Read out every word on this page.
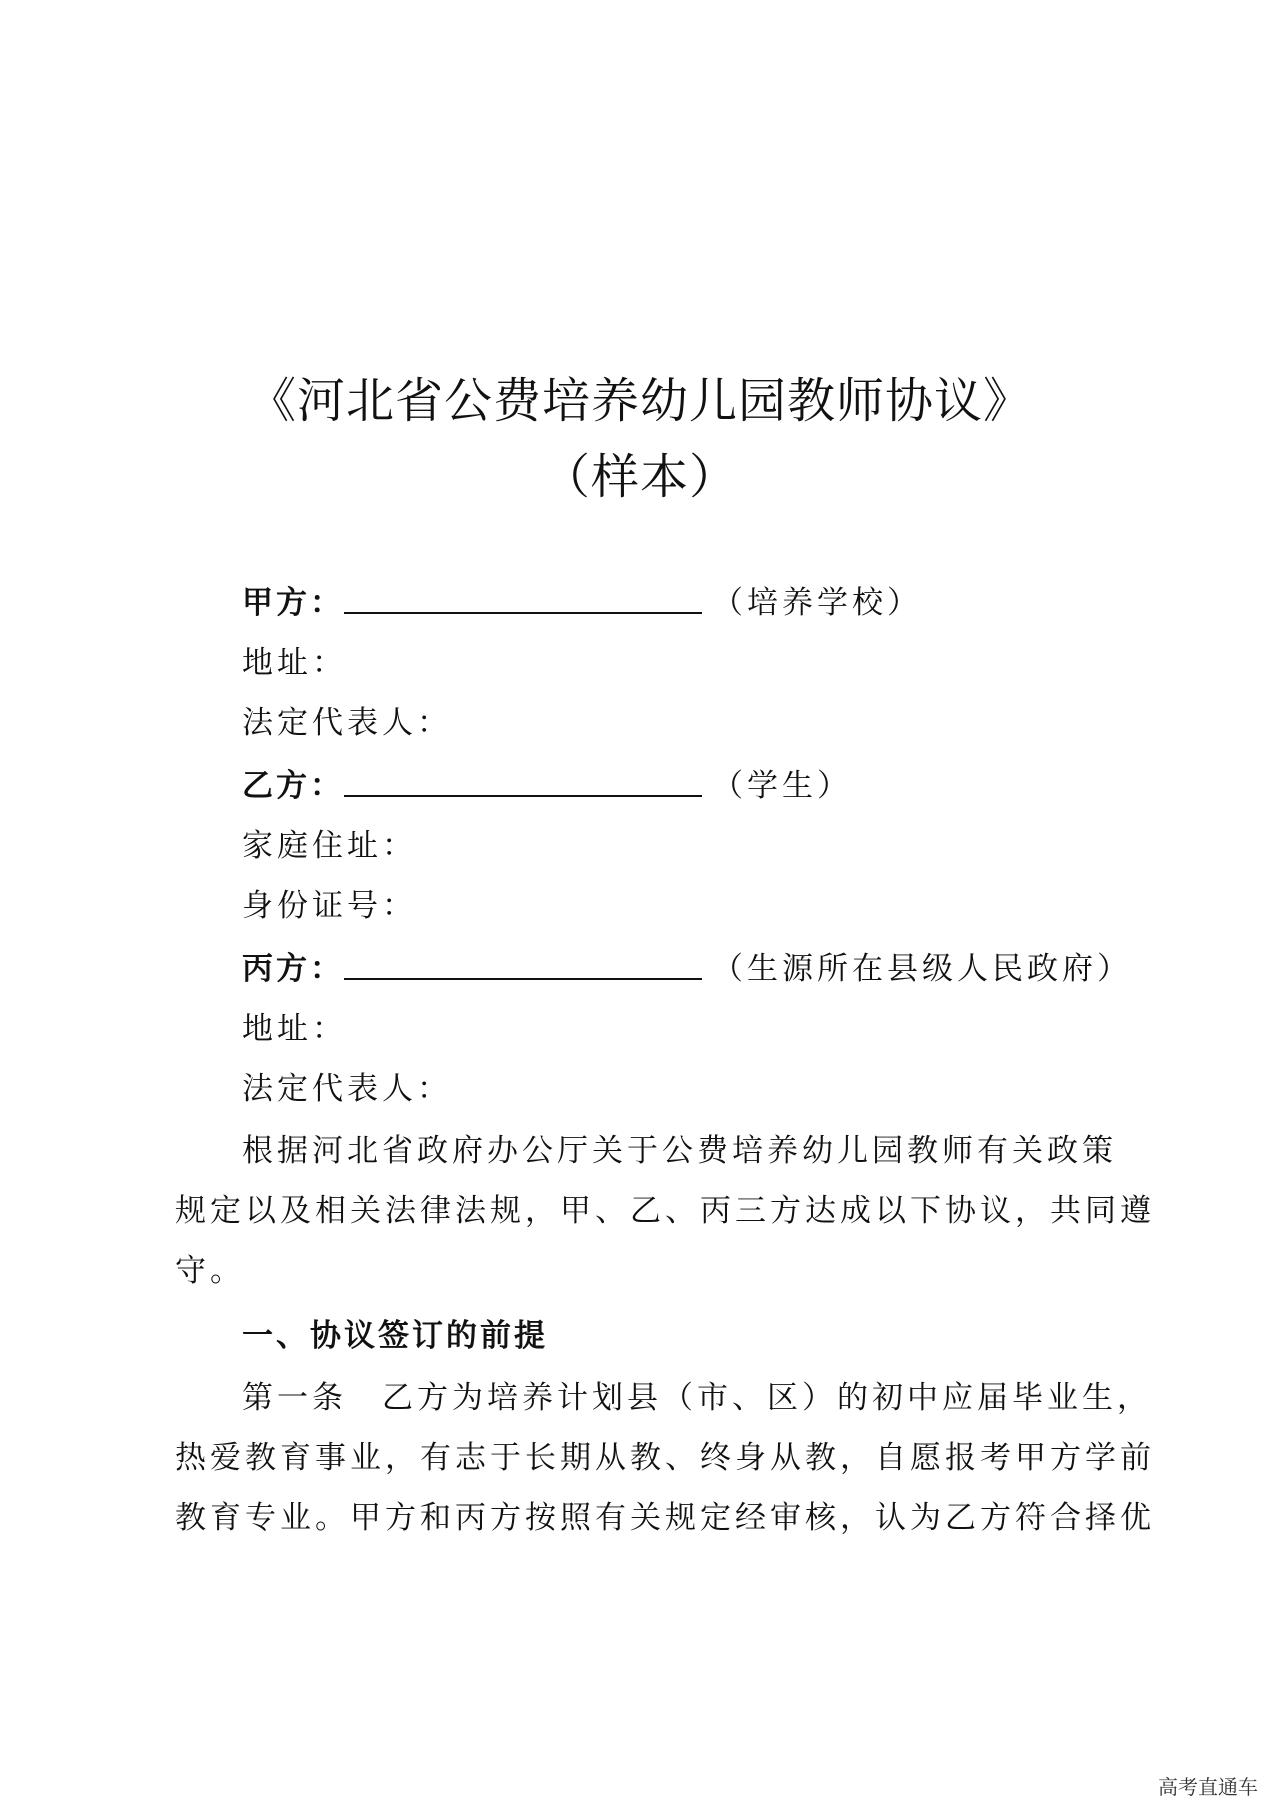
《河北省公费培养幼儿园教师协议》
（样本）
甲方：	（培养学校）
地址：
法定代表人：
乙方：	（学生）
家庭住址：
身份证号：
丙方：	（生源所在县级人民政府）
地址：
法定代表人：
根据河北省政府办公厅关于公费培养幼儿园教师有关政策
规定以及相关法律法规，甲、乙、丙三方达成以下协议，共同遵
守。
一、协议签订的前提
第一条　乙方为培养计划县（市、区）的初中应届毕业生，
热爱教育事业，有志于长期从教、终身从教，自愿报考甲方学前
教育专业。甲方和丙方按照有关规定经审核，认为乙方符合择优
高考直通车
